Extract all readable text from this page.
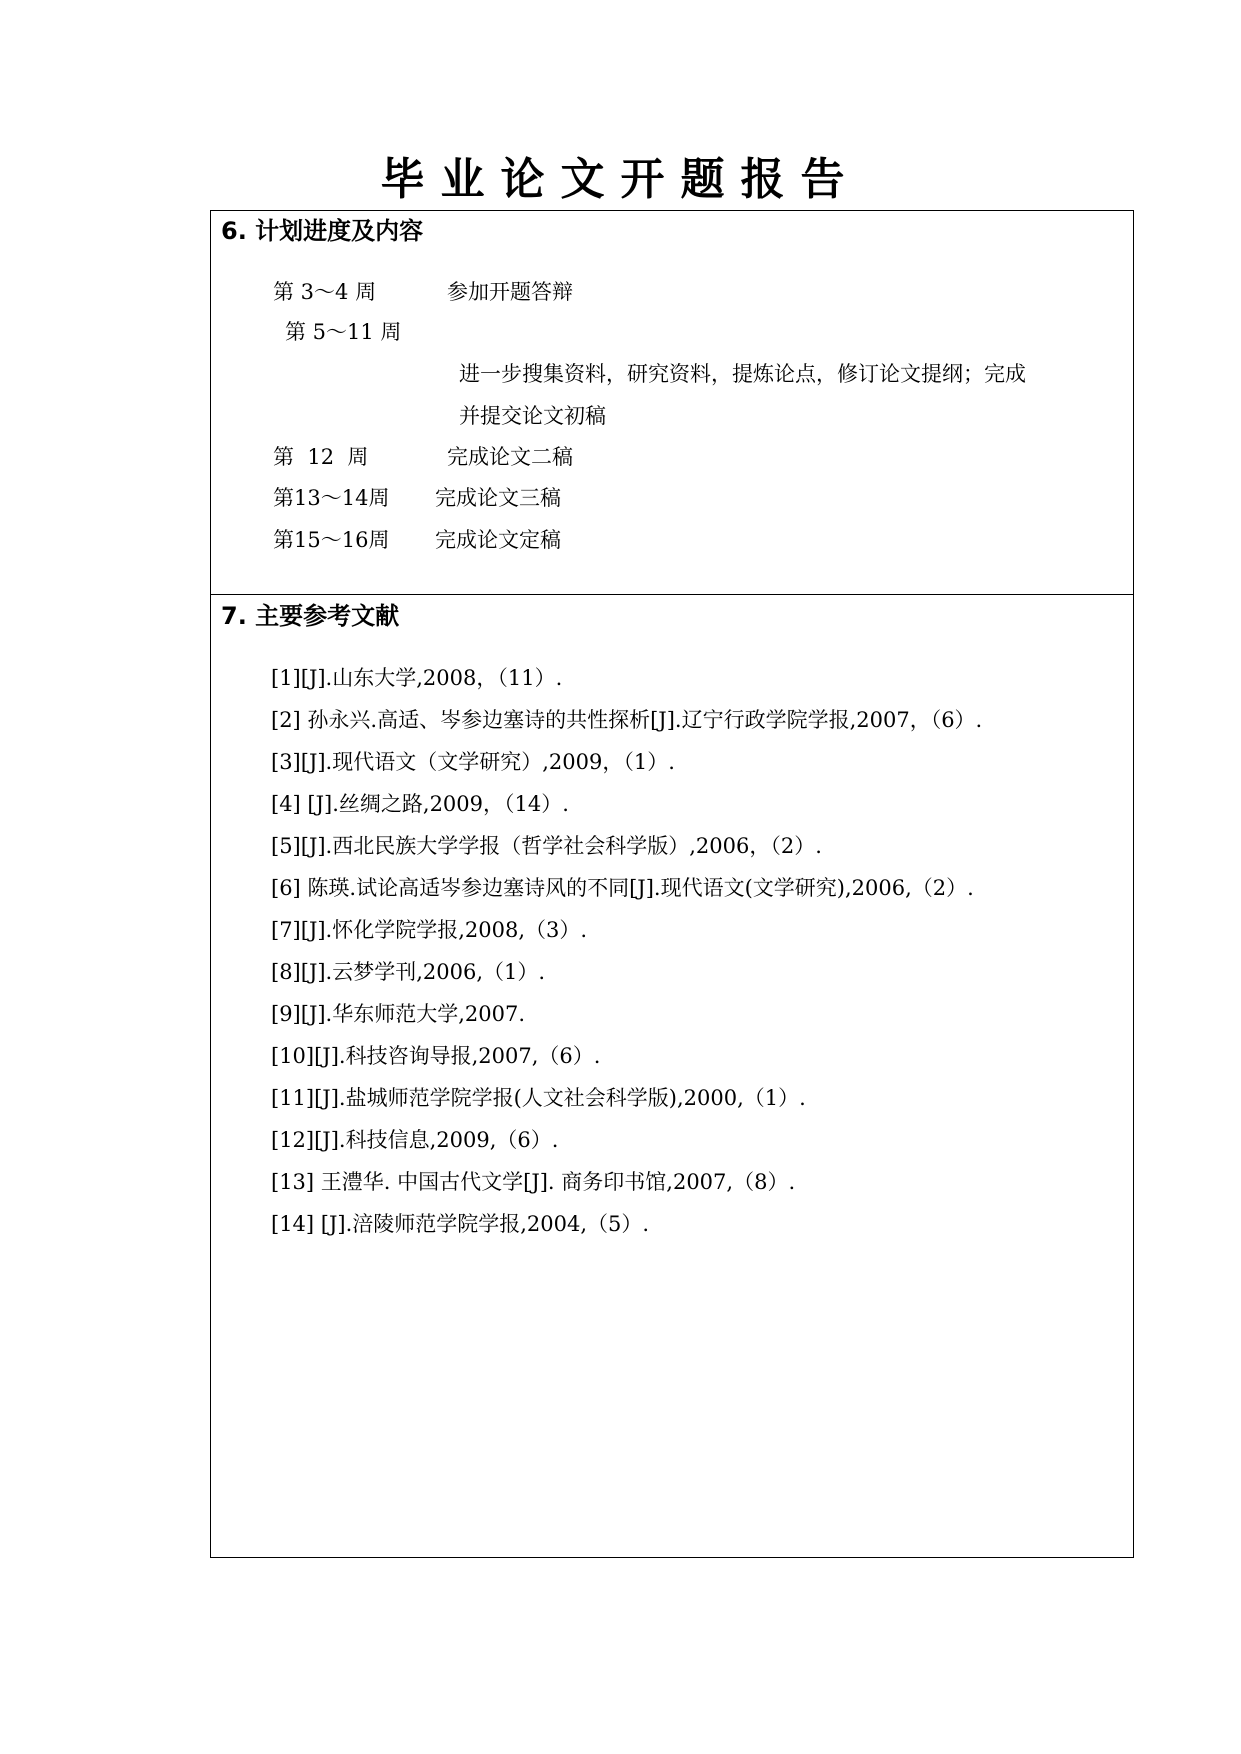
毕业论文开题报告
6. 计划进度及内容
第 3～4 周	参加开题答辩
第 5～11 周
进一步搜集资料，研究资料，提炼论点，修订论文提纲；完成
并提交论文初稿
第  12  周	完成论文二稿
第13～14周 完成论文三稿
第15～16周 完成论文定稿
7. 主要参考文献
[1][J].山东大学,2008，（11）.
[2] 孙永兴.高适、岑参边塞诗的共性探析[J].辽宁行政学院学报,2007，（6）.
[3][J].现代语文（文学研究）,2009，（1）.
[4] [J].丝绸之路,2009，（14）.
[5][J].西北民族大学学报（哲学社会科学版）,2006，（2）.
[6] 陈瑛.试论高适岑参边塞诗风的不同[J].现代语文(文学研究),2006,（2）.
[7][J].怀化学院学报,2008,（3）.
[8][J].云梦学刊,2006,（1）.
[9][J].华东师范大学,2007.
[10][J].科技咨询导报,2007,（6）.
[11][J].盐城师范学院学报(人文社会科学版),2000,（1）.
[12][J].科技信息,2009,（6）.
[13] 王澧华. 中国古代文学[J]. 商务印书馆,2007,（8）.
[14] [J].涪陵师范学院学报,2004,（5）.
